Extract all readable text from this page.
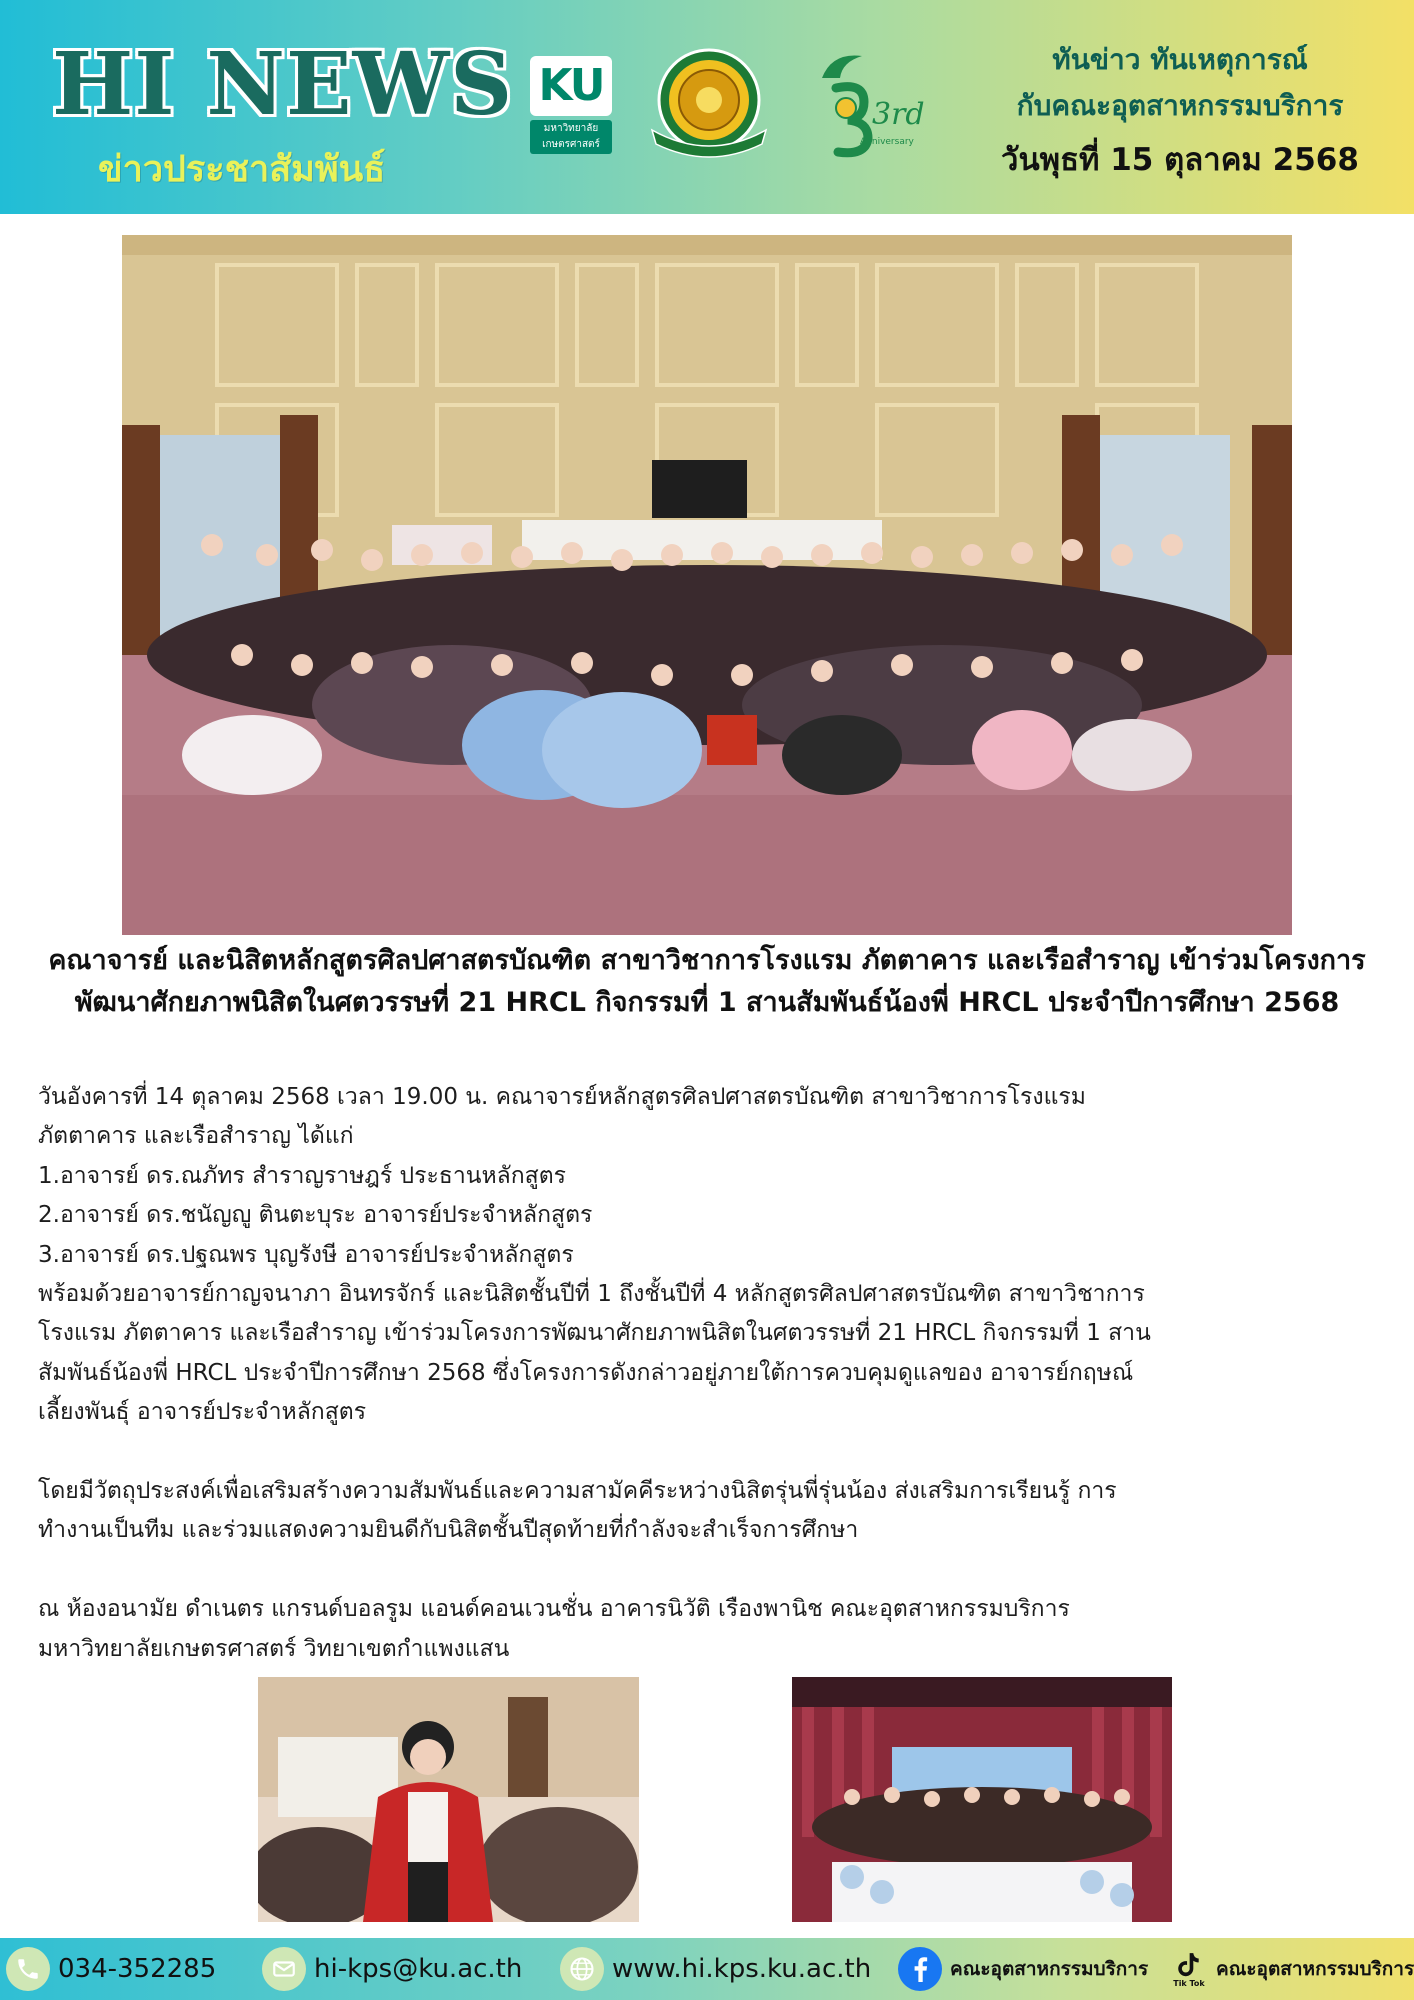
HI NEWS
ข่าวประชาสัมพันธ์
KU
มหาวิทยาลัย
เกษตรศาสตร์
3rd
Anniversary
ทันข่าว ทันเหตุการณ์
กับคณะอุตสาหกรรมบริการ
วันพุธที่ 15 ตุลาคม 2568
คณาจารย์ และนิสิตหลักสูตรศิลปศาสตรบัณฑิต สาขาวิชาการโรงแรม ภัตตาคาร และเรือสำราญ เข้าร่วมโครงการพัฒนาศักยภาพนิสิตในศตวรรษที่ 21 HRCL กิจกรรมที่ 1 สานสัมพันธ์น้องพี่ HRCL ประจำปีการศึกษา 2568
วันอังคารที่ 14 ตุลาคม 2568 เวลา 19.00 น. คณาจารย์หลักสูตรศิลปศาสตรบัณฑิต สาขาวิชาการโรงแรม
ภัตตาคาร และเรือสำราญ ได้แก่
1.อาจารย์ ดร.ณภัทร สำราญราษฎร์ ประธานหลักสูตร
2.อาจารย์ ดร.ชนัญญู ตินตะบุระ อาจารย์ประจำหลักสูตร
3.อาจารย์ ดร.ปฐณพร บุญรังษี อาจารย์ประจำหลักสูตร
พร้อมด้วยอาจารย์กาญจนาภา อินทรจักร์ และนิสิตชั้นปีที่ 1 ถึงชั้นปีที่ 4 หลักสูตรศิลปศาสตรบัณฑิต สาขาวิชาการ
โรงแรม ภัตตาคาร และเรือสำราญ เข้าร่วมโครงการพัฒนาศักยภาพนิสิตในศตวรรษที่ 21 HRCL กิจกรรมที่ 1 สาน
สัมพันธ์น้องพี่ HRCL ประจำปีการศึกษา 2568 ซึ่งโครงการดังกล่าวอยู่ภายใต้การควบคุมดูแลของ อาจารย์กฤษณ์
เลี้ยงพันธุ์ อาจารย์ประจำหลักสูตร
โดยมีวัตถุประสงค์เพื่อเสริมสร้างความสัมพันธ์และความสามัคคีระหว่างนิสิตรุ่นพี่รุ่นน้อง ส่งเสริมการเรียนรู้ การ
ทำงานเป็นทีม และร่วมแสดงความยินดีกับนิสิตชั้นปีสุดท้ายที่กำลังจะสำเร็จการศึกษา
ณ ห้องอนามัย ดำเนตร แกรนด์บอลรูม แอนด์คอนเวนชั่น อาคารนิวัติ เรืองพานิช คณะอุตสาหกรรมบริการ
มหาวิทยาลัยเกษตรศาสตร์ วิทยาเขตกำแพงแสน
034-352285	hi-kps@ku.ac.th	www.hi.kps.ku.ac.th	คณะอุตสาหกรรมบริการ
Tik Tok
คณะอุตสาหกรรมบริการ
